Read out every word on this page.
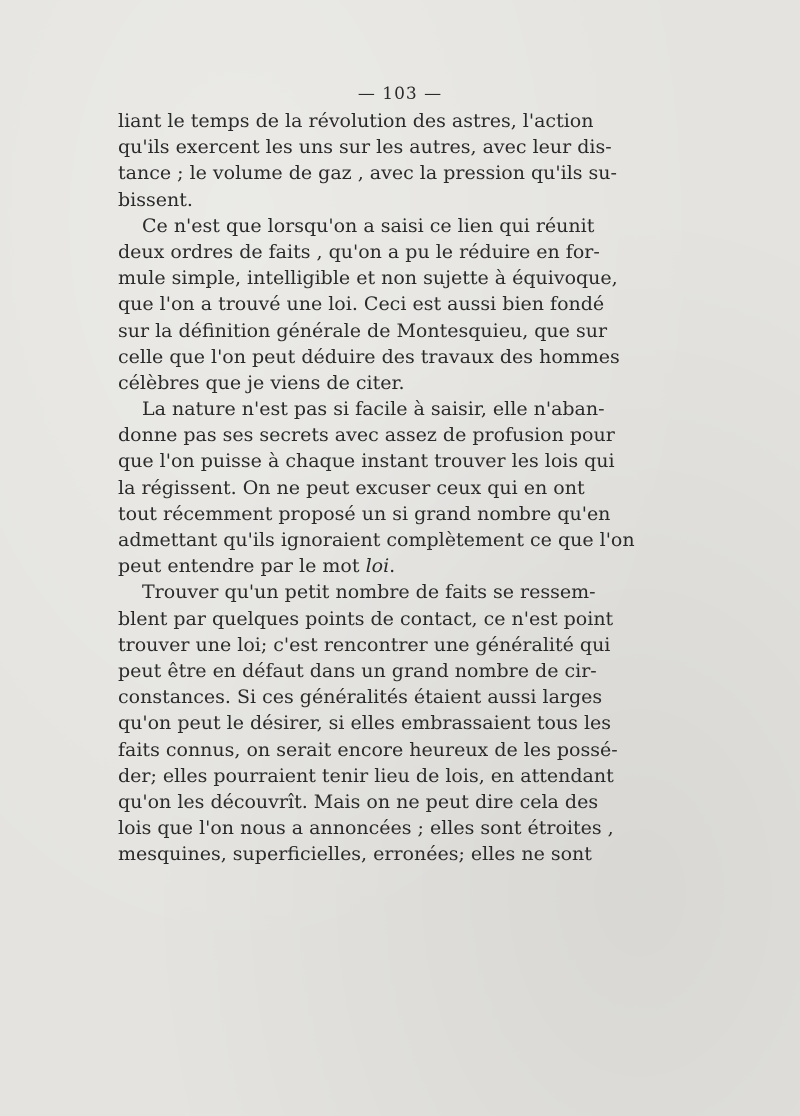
— 103 —
liant le temps de la révolution des astres, l'action
qu'ils exercent les uns sur les autres, avec leur dis-
tance ; le volume de gaz , avec la pression qu'ils su-
bissent.
Ce n'est que lorsqu'on a saisi ce lien qui réunit
deux ordres de faits , qu'on a pu le réduire en for-
mule simple, intelligible et non sujette à équivoque,
que l'on a trouvé une loi. Ceci est aussi bien fondé
sur la définition générale de Montesquieu, que sur
celle que l'on peut déduire des travaux des hommes
célèbres que je viens de citer.
La nature n'est pas si facile à saisir, elle n'aban-
donne pas ses secrets avec assez de profusion pour
que l'on puisse à chaque instant trouver les lois qui
la régissent. On ne peut excuser ceux qui en ont
tout récemment proposé un si grand nombre qu'en
admettant qu'ils ignoraient complètement ce que l'on
peut entendre par le mot loi.
Trouver qu'un petit nombre de faits se ressem-
blent par quelques points de contact, ce n'est point
trouver une loi; c'est rencontrer une généralité qui
peut être en défaut dans un grand nombre de cir-
constances. Si ces généralités étaient aussi larges
qu'on peut le désirer, si elles embrassaient tous les
faits connus, on serait encore heureux de les possé-
der; elles pourraient tenir lieu de lois, en attendant
qu'on les découvrît. Mais on ne peut dire cela des
lois que l'on nous a annoncées ; elles sont étroites ,
mesquines, superficielles, erronées; elles ne sont
